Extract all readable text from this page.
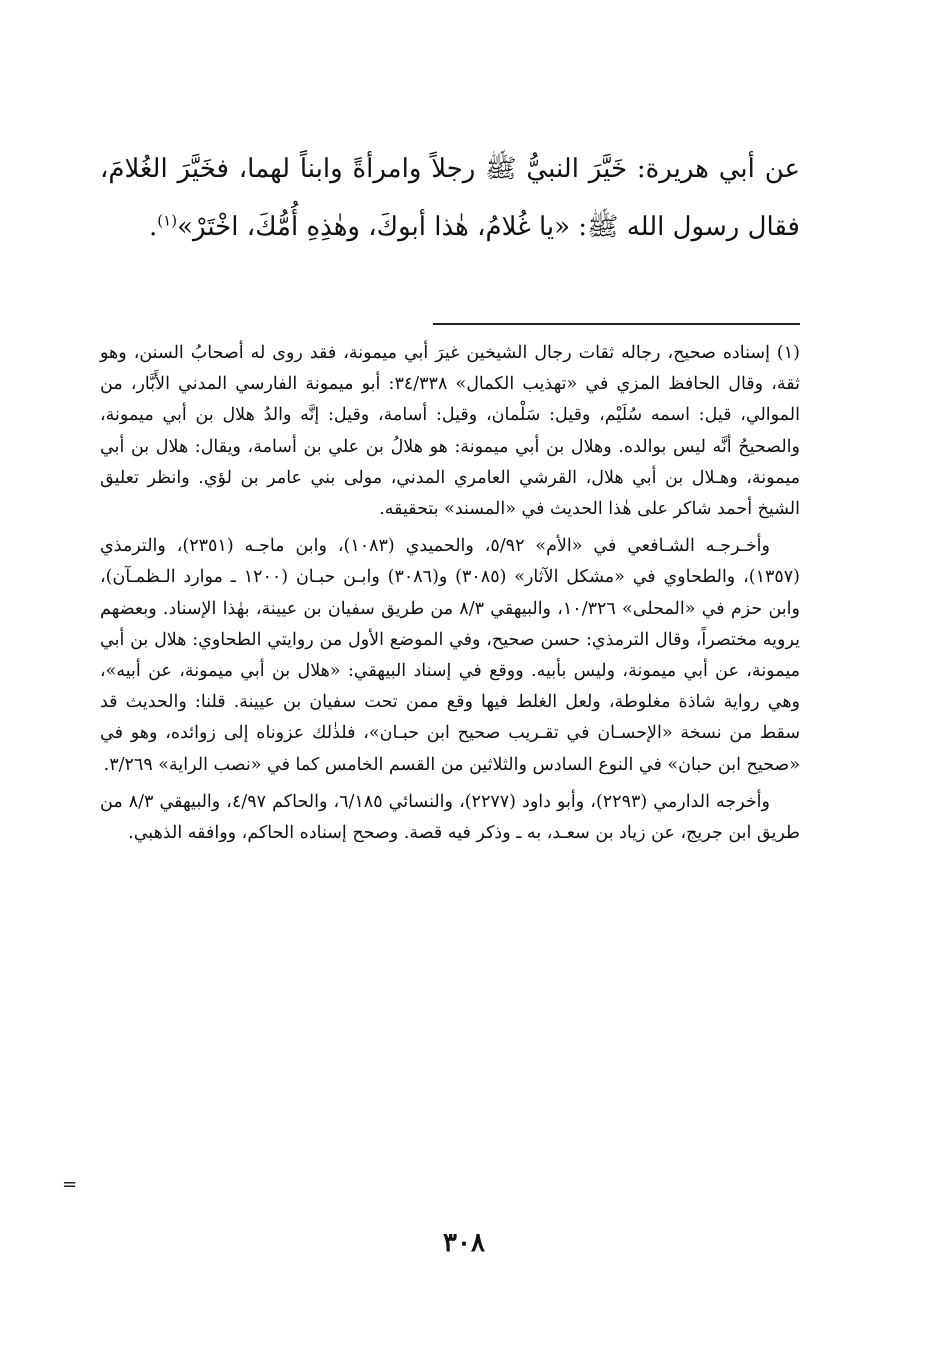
عن أبي هريرة: خَيَّرَ النبيُّ ﷺ رجلاً وامرأةً وابناً لهما، فخَيَّرَ الغُلامَ، فقال رسول الله ﷺ: «يا غُلامُ، هٰذا أبوكَ، وهٰذِهِ أُمُّكَ، اخْتَرْ»$^{(١)}$.

(١) إسناده صحيح، رجاله ثقات رجال الشيخين غيرَ أبي ميمونة، فقد روى له أصحابُ السنن، وهو ثقة، وقال الحافظ المزي في «تهذيب الكمال» ٣٤/٣٣٨: أبو ميمونة الفارسي المدني الأَبَّار، من الموالي، قيل: اسمه سُلَيْم، وقيل: سَلْمان، وقيل: أسامة، وقيل: إنَّه والدُ هلال بن أبي ميمونة، والصحيحُ أنَّه ليس بوالده. وهلال بن أبي ميمونة: هو هلالُ بن علي بن أسامة، ويقال: هلال بن أبي ميمونة، وهـلال بن أبي هلال، القرشي العامري المدني، مولى بني عامر بن لؤي. وانظر تعليق الشيخ أحمد شاكر على هٰذا الحديث في «المسند» بتحقيقه.

وأخـرجـه الشـافعي في «الأم» ٥/٩٢، والحميدي (١٠٨٣)، وابن ماجـه (٢٣٥١)، والترمذي (١٣٥٧)، والطحاوي في «مشكل الآثار» (٣٠٨٥) و(٣٠٨٦) وابـن حبـان (١٢٠٠ ـ موارد الـظمـآن)، وابن حزم في «المحلى» ١٠/٣٢٦، والبيهقي ٨/٣ من طريق سفيان بن عيينة، بهٰذا الإسناد. وبعضهم يرويه مختصراً، وقال الترمذي: حسن صحيح، وفي الموضع الأول من روايتي الطحاوي: هلال بن أبي ميمونة، عن أبي ميمونة، وليس بأبيه. ووقع في إسناد البيهقي: «هلال بن أبي ميمونة، عن أبيه»، وهي رواية شاذة مغلوطة، ولعل الغلط فيها وقع ممن تحت سفيان بن عيينة. قلنا: والحديث قد سقط من نسخة «الإحسـان في تقـريب صحيح ابن حبـان»، فلذٰلك عزوناه إلى زوائده، وهو في «صحيح ابن حبان» في النوع السادس والثلاثين من القسم الخامس كما في «نصب الراية» ٣/٢٦٩.

وأخرجه الدارمي (٢٢٩٣)، وأبو داود (٢٢٧٧)، والنسائي ٦/١٨٥، والحاكم ٤/٩٧، والبيهقي ٨/٣ من طريق ابن جريج، عن زياد بن سعـد، به ـ وذكر فيه قصة. وصحح إسناده الحاكم، ووافقه الذهبي.

=
٣٠٨
